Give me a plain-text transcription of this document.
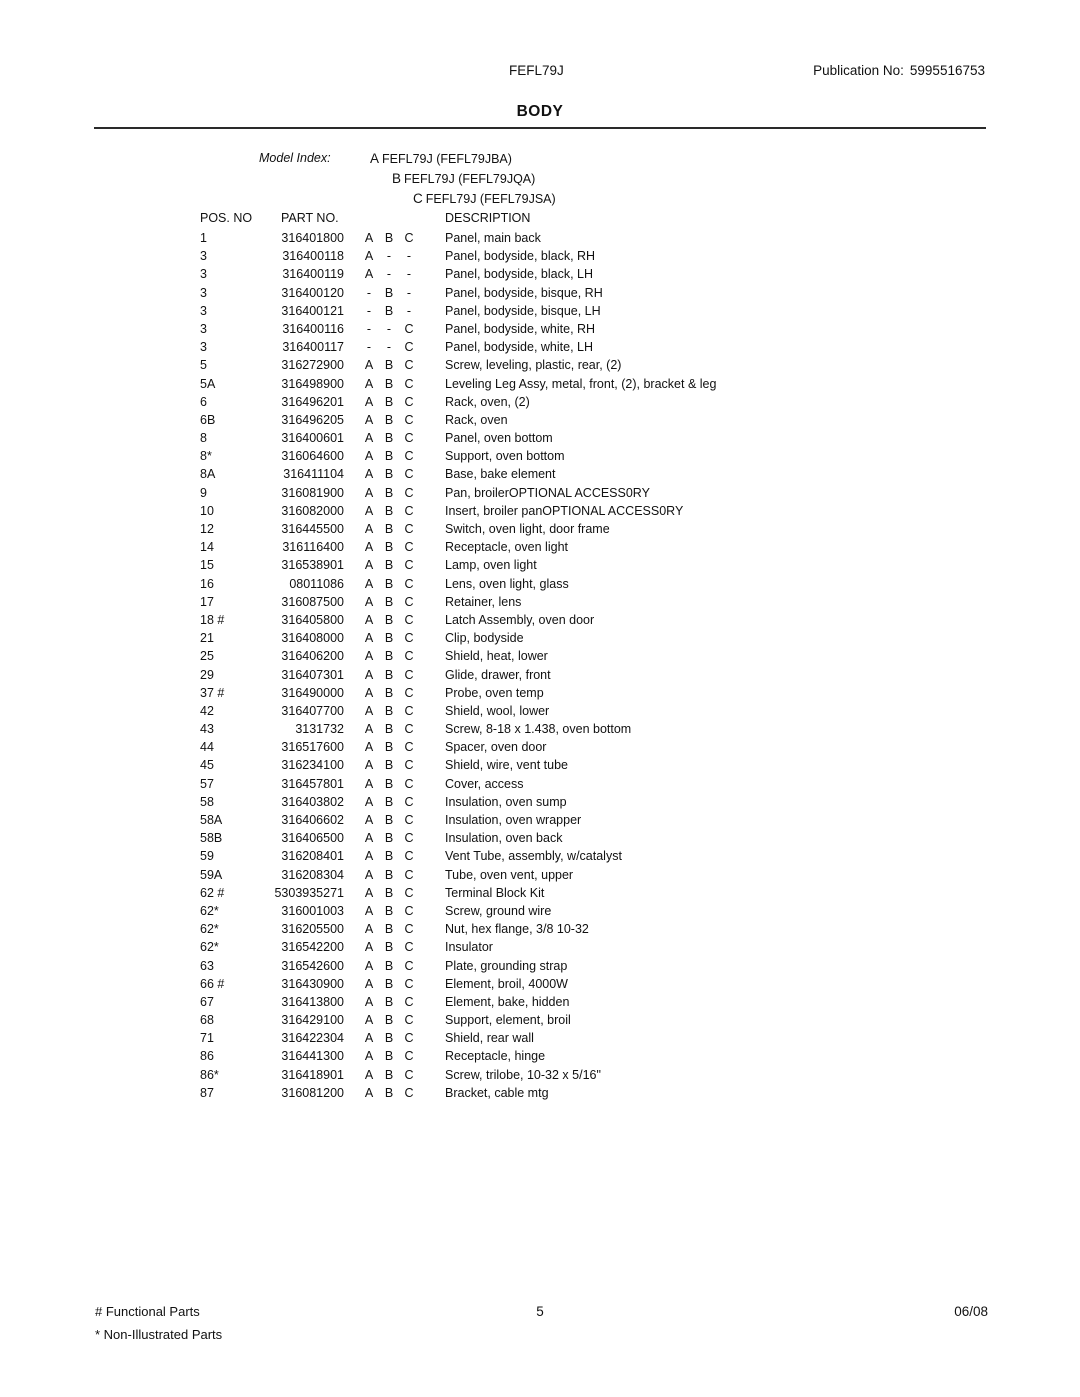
FEFL79J	Publication No: 5995516753
BODY
Model Index:	A FEFL79J (FEFL79JBA)
B FEFL79J (FEFL79JQA)
C FEFL79J (FEFL79JSA)
POS. NO PART NO.	DESCRIPTION
1	316401800 A B C	Panel, main back
3	316400118 A	-	-	Panel, bodyside, black, RH
3	316400119 A	-	-	Panel, bodyside, black, LH
3	316400120	-	B	-	Panel, bodyside, bisque, RH
3	316400121	-	B	-	Panel, bodyside, bisque, LH
3	316400116	-	-	C	Panel, bodyside, white, RH
3	316400117	-	-	C	Panel, bodyside, white, LH
5	316272900 A B C	Screw, leveling, plastic, rear, (2)
5A	316498900 A B C	Leveling Leg Assy, metal, front, (2), bracket & leg
6	316496201 A B C	Rack, oven, (2)
6B	316496205 A B C	Rack, oven
8	316400601 A B C	Panel, oven bottom
8*	316064600 A B C	Support, oven bottom
8A	316411104 A B C	Base, bake element
9	316081900 A B C	Pan, broilerOPTIONAL ACCESS0RY
10	316082000 A B C	Insert, broiler panOPTIONAL ACCESS0RY
12	316445500 A B C	Switch, oven light, door frame
14	316116400 A B C	Receptacle, oven light
15	316538901 A B C	Lamp, oven light
16	08011086 A B C	Lens, oven light, glass
17	316087500 A B C	Retainer, lens
18 #	316405800 A B C	Latch Assembly, oven door
21	316408000 A B C	Clip, bodyside
25	316406200 A B C	Shield, heat, lower
29	316407301 A B C	Glide, drawer, front
37 #	316490000 A B C	Probe, oven temp
42	316407700 A B C	Shield, wool, lower
43	3131732 A B C	Screw, 8-18 x 1.438, oven bottom
44	316517600 A B C	Spacer, oven door
45	316234100 A B C	Shield, wire, vent tube
57	316457801 A B C	Cover, access
58	316403802 A B C	Insulation, oven sump
58A	316406602 A B C	Insulation, oven wrapper
58B	316406500 A B C	Insulation, oven back
59	316208401 A B C	Vent Tube, assembly, w/catalyst
59A	316208304 A B C	Tube, oven vent, upper
62 #	5303935271 A B C	Terminal Block Kit
62*	316001003 A B C	Screw, ground wire
62*	316205500 A B C	Nut, hex flange, 3/8 10-32
62*	316542200 A B C	Insulator
63	316542600 A B C	Plate, grounding strap
66 #	316430900 A B C	Element, broil, 4000W
67	316413800 A B C	Element, bake, hidden
68	316429100 A B C	Support, element, broil
71	316422304 A B C	Shield, rear wall
86	316441300 A B C	Receptacle, hinge
86*	316418901 A B C	Screw, trilobe, 10-32 x 5/16"
87	316081200 A B C	Bracket, cable mtg
# Functional Parts
* Non-Illustrated Parts
5	06/08
